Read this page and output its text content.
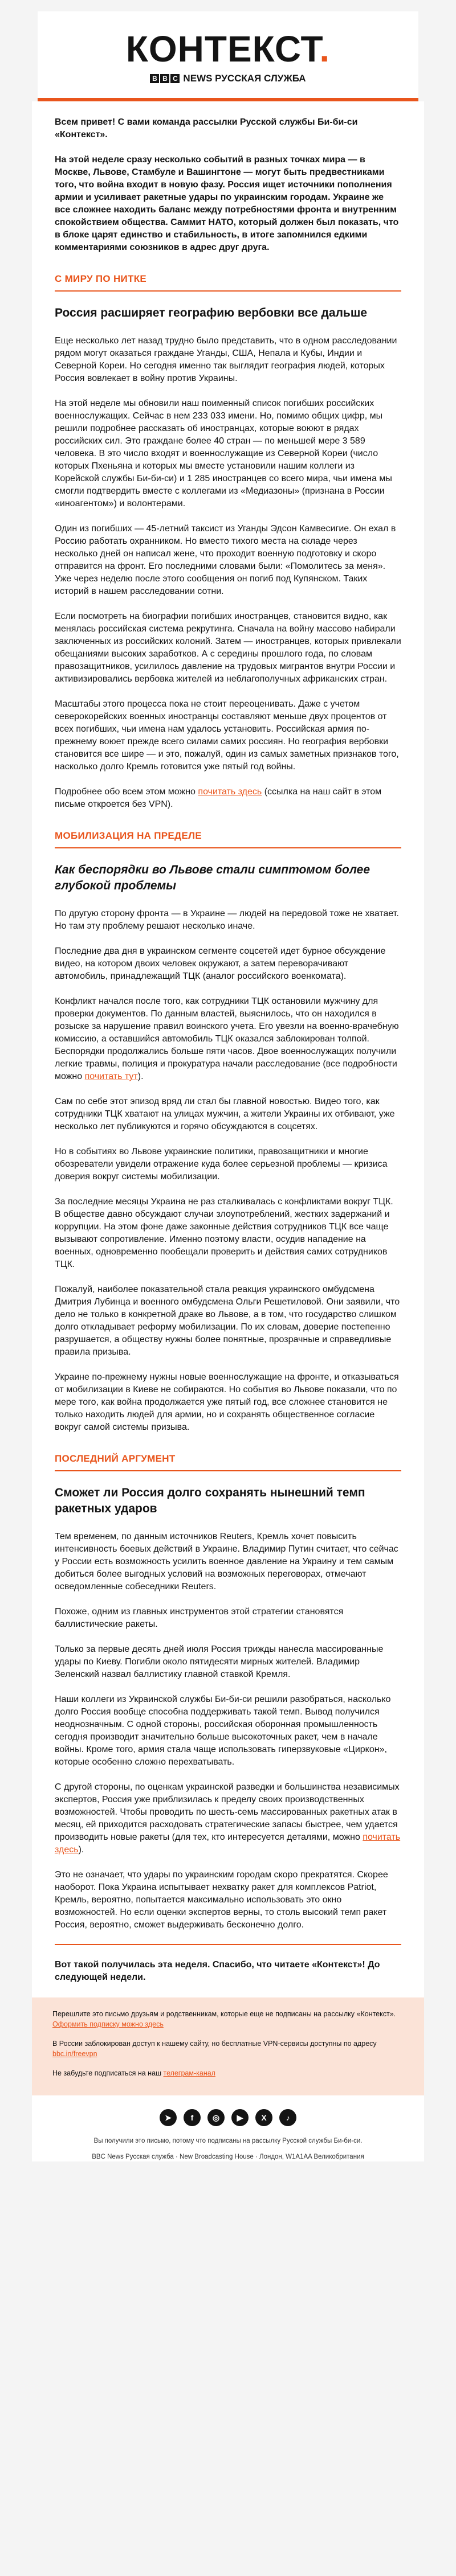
КОНТЕКСТ.
B B C NEWS РУССКАЯ СЛУЖБА

Всем привет! С вами команда рассылки Русской службы Би-би-си «Контекст».

На этой неделе сразу несколько событий в разных точках мира — в Москве, Львове, Стамбуле и Вашингтоне — могут быть предвестниками того, что война входит в новую фазу. Россия ищет источники пополнения армии и усиливает ракетные удары по украинским городам. Украине же все сложнее находить баланс между потребностями фронта и внутренним спокойствием общества. Саммит НАТО, который должен был показать, что в блоке царят единство и стабильность, в итоге запомнился едкими комментариями союзников в адрес друг друга.

С МИРУ ПО НИТКЕ
Россия расширяет географию вербовки все дальше

Еще несколько лет назад трудно было представить, что в одном расследовании рядом могут оказаться граждане Уганды, США, Непала и Кубы, Индии и Северной Кореи. Но сегодня именно так выглядит география людей, которых Россия вовлекает в войну против Украины.

На этой неделе мы обновили наш поименный список погибших российских военнослужащих. Сейчас в нем 233 033 имени. Но, помимо общих цифр, мы решили подробнее рассказать об иностранцах, которые воюют в рядах российских сил. Это граждане более 40 стран — по меньшей мере 3 589 человека. В это число входят и военнослужащие из Северной Кореи (число которых Пхеньяна и которых мы вместе установили нашим коллеги из Корейской службы Би-би-си) и 1 285 иностранцев со всего мира, чьи имена мы смогли подтвердить вместе с коллегами из «Медиазоны» (признана в России «иноагентом») и волонтерами.

Один из погибших — 45-летний таксист из Уганды Эдсон Камвесигие. Он ехал в Россию работать охранником. Но вместо тихого места на складе через несколько дней он написал жене, что проходит военную подготовку и скоро отправится на фронт. Его последними словами были: «Помолитесь за меня». Уже через неделю после этого сообщения он погиб под Купянском. Таких историй в нашем расследовании сотни.

Если посмотреть на биографии погибших иностранцев, становится видно, как менялась российская система рекрутинга. Сначала на войну массово набирали заключенных из российских колоний. Затем — иностранцев, которых привлекали обещаниями высоких заработков. А с середины прошлого года, по словам правозащитников, усилилось давление на трудовых мигрантов внутри России и активизировались вербовка жителей из неблагополучных африканских стран.

Масштабы этого процесса пока не стоит переоценивать. Даже с учетом северокорейских военных иностранцы составляют меньше двух процентов от всех погибших, чьи имена нам удалось установить. Российская армия по-прежнему воюет прежде всего силами самих россиян. Но география вербовки становится все шире — и это, пожалуй, один из самых заметных признаков того, насколько долго Кремль готовится уже пятый год войны.

Подробнее обо всем этом можно почитать здесь (ссылка на наш сайт в этом письме откроется без VPN).

МОБИЛИЗАЦИЯ НА ПРЕДЕЛЕ
Как беспорядки во Львове стали симптомом более глубокой проблемы

По другую сторону фронта — в Украине — людей на передовой тоже не хватает. Но там эту проблему решают несколько иначе.

Последние два дня в украинском сегменте соцсетей идет бурное обсуждение видео, на котором двоих человек окружают, а затем переворачивают автомобиль, принадлежащий ТЦК (аналог российского военкомата).

Конфликт начался после того, как сотрудники ТЦК остановили мужчину для проверки документов. По данным властей, выяснилось, что он находился в розыске за нарушение правил воинского учета. Его увезли на военно-врачебную комиссию, а оставшийся автомобиль ТЦК оказался заблокирован толпой. Беспорядки продолжались больше пяти часов. Двое военнослужащих получили легкие травмы, полиция и прокуратура начали расследование (все подробности можно почитать тут).

Сам по себе этот эпизод вряд ли стал бы главной новостью. Видео того, как сотрудники ТЦК хватают на улицах мужчин, а жители Украины их отбивают, уже несколько лет публикуются и горячо обсуждаются в соцсетях.

Но в событиях во Львове украинские политики, правозащитники и многие обозреватели увидели отражение куда более серьезной проблемы — кризиса доверия вокруг системы мобилизации.

За последние месяцы Украина не раз сталкивалась с конфликтами вокруг ТЦК. В обществе давно обсуждают случаи злоупотреблений, жестких задержаний и коррупции. На этом фоне даже законные действия сотрудников ТЦК все чаще вызывают сопротивление. Именно поэтому власти, осудив нападение на военных, одновременно пообещали проверить и действия самих сотрудников ТЦК.

Пожалуй, наиболее показательной стала реакция украинского омбудсмена Дмитрия Лубинца и военного омбудсмена Ольги Решетиловой. Они заявили, что дело не только в конкретной драке во Львове, а в том, что государство слишком долго откладывает реформу мобилизации. По их словам, доверие постепенно разрушается, а обществу нужны более понятные, прозрачные и справедливые правила призыва.

Украине по-прежнему нужны новые военнослужащие на фронте, и отказываться от мобилизации в Киеве не собираются. Но события во Львове показали, что по мере того, как война продолжается уже пятый год, все сложнее становится не только находить людей для армии, но и сохранять общественное согласие вокруг самой системы призыва.

ПОСЛЕДНИЙ АРГУМЕНТ
Сможет ли Россия долго сохранять нынешний темп ракетных ударов

Тем временем, по данным источников Reuters, Кремль хочет повысить интенсивность боевых действий в Украине. Владимир Путин считает, что сейчас у России есть возможность усилить военное давление на Украину и тем самым добиться более выгодных условий на возможных переговорах, отмечают осведомленные собеседники Reuters.

Похоже, одним из главных инструментов этой стратегии становятся баллистические ракеты.

Только за первые десять дней июля Россия трижды нанесла массированные удары по Киеву. Погибли около пятидесяти мирных жителей. Владимир Зеленский назвал баллистику главной ставкой Кремля.

Наши коллеги из Украинской службы Би-би-си решили разобраться, насколько долго Россия вообще способна поддерживать такой темп. Вывод получился неоднозначным. С одной стороны, российская оборонная промышленность сегодня производит значительно больше высокоточных ракет, чем в начале войны. Кроме того, армия стала чаще использовать гиперзвуковые «Циркон», которые особенно сложно перехватывать.

С другой стороны, по оценкам украинской разведки и большинства независимых экспертов, Россия уже приблизилась к пределу своих производственных возможностей. Чтобы проводить по шесть-семь массированных ракетных атак в месяц, ей приходится расходовать стратегические запасы быстрее, чем удается производить новые ракеты (для тех, кто интересуется деталями, можно почитать здесь).

Это не означает, что удары по украинским городам скоро прекратятся. Скорее наоборот. Пока Украина испытывает нехватку ракет для комплексов Patriot, Кремль, вероятно, попытается максимально использовать это окно возможностей. Но если оценки экспертов верны, то столь высокий темп ракет Россия, вероятно, сможет выдерживать бесконечно долго.

Вот такой получилась эта неделя. Спасибо, что читаете «Контекст»! До следующей недели.

Перешлите это письмо друзьям и родственникам, которые еще не подписаны на рассылку «Контекст». Оформить подписку можно здесь

В России заблокирован доступ к нашему сайту, но бесплатные VPN-сервисы доступны по адресу bbc.in/freevpn

Не забудьте подписаться на наш телеграм-канал

➤	f	◎	▶	X	♪

Вы получили это письмо, потому что подписаны на рассылку Русской службы Би-би-си.

BBC News Русская служба · New Broadcasting House · Лондон, W1A1AA Великобритания
